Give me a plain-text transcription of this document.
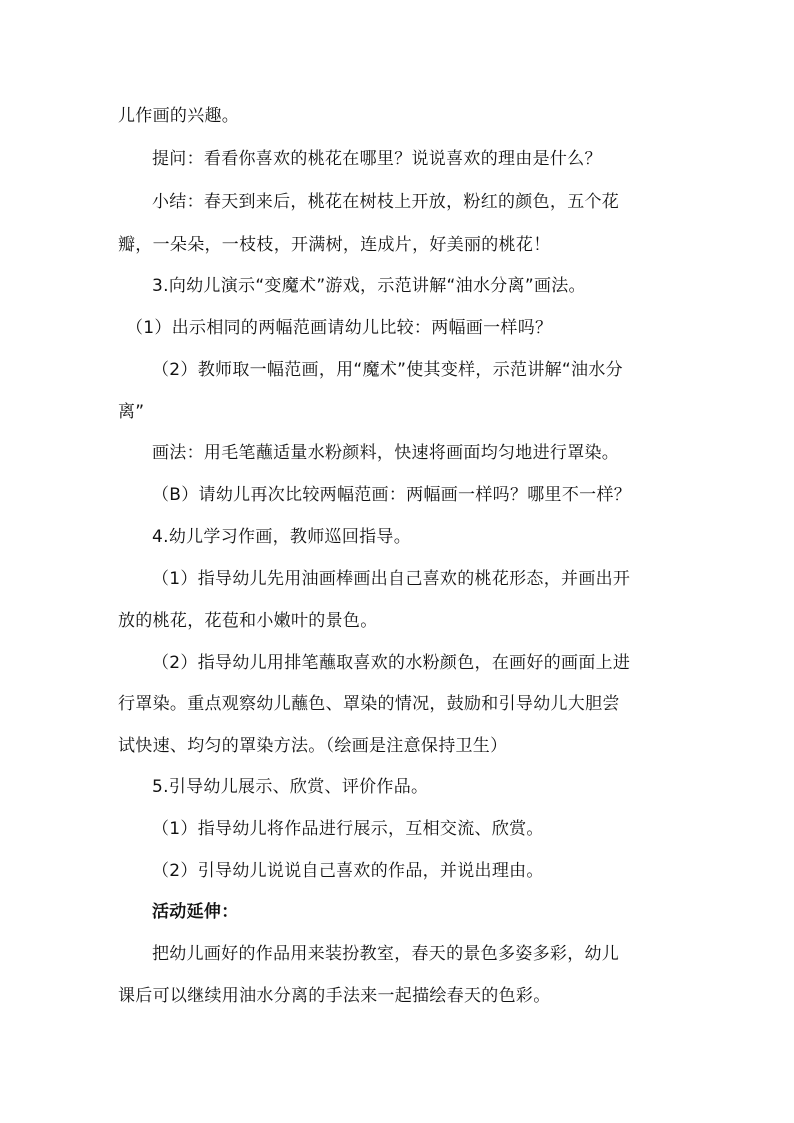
儿作画的兴趣。
提问：看看你喜欢的桃花在哪里？说说喜欢的理由是什么？
小结：春天到来后，桃花在树枝上开放，粉红的颜色，五个花
瓣，一朵朵，一枝枝，开满树，连成片，好美丽的桃花！
3.向幼儿演示“变魔术”游戏，示范讲解“油水分离”画法。
（1）出示相同的两幅范画请幼儿比较：两幅画一样吗？
（2）教师取一幅范画，用“魔术”使其变样，示范讲解“油水分
离”
画法：用毛笔蘸适量水粉颜料，快速将画面均匀地进行罩染。
（B）请幼儿再次比较两幅范画：两幅画一样吗？哪里不一样？
4.幼儿学习作画，教师巡回指导。
（1）指导幼儿先用油画棒画出自己喜欢的桃花形态，并画出开
放的桃花，花苞和小嫩叶的景色。
（2）指导幼儿用排笔蘸取喜欢的水粉颜色，在画好的画面上进
行罩染。重点观察幼儿蘸色、罩染的情况，鼓励和引导幼儿大胆尝
试快速、均匀的罩染方法。（绘画是注意保持卫生）
5.引导幼儿展示、欣赏、评价作品。
（1）指导幼儿将作品进行展示，互相交流、欣赏。
（2）引导幼儿说说自己喜欢的作品，并说出理由。
活动延伸：
把幼儿画好的作品用来装扮教室，春天的景色多姿多彩，幼儿
课后可以继续用油水分离的手法来一起描绘春天的色彩。
